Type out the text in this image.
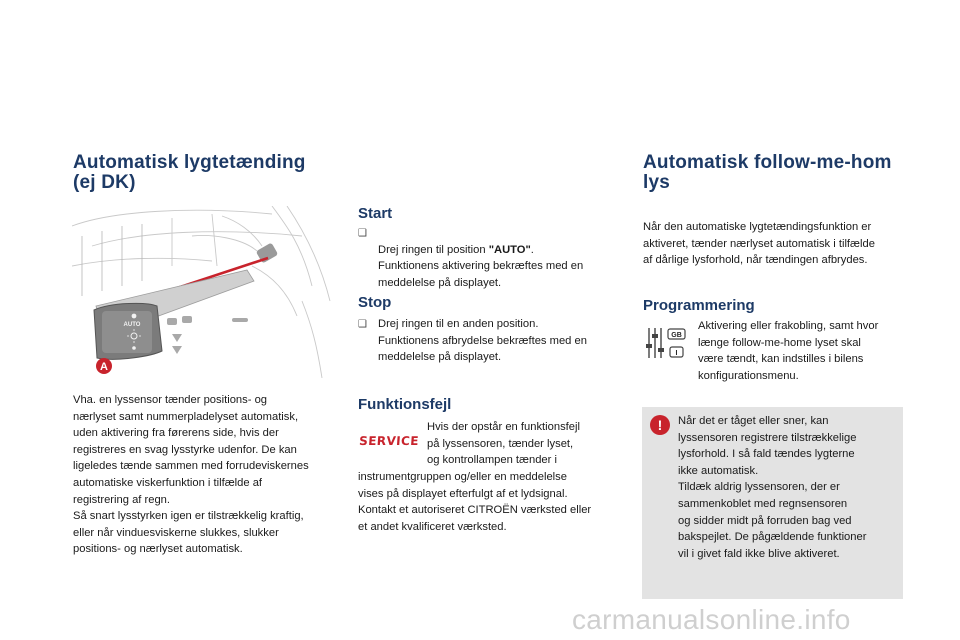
Automatisk lygtetænding
(ej DK)
AUTO
A
Vha. en lyssensor tænder positions- og
nærlyset samt nummerpladelyset automatisk,
uden aktivering fra førerens side, hvis der
registreres en svag lysstyrke udenfor. De kan
ligeledes tænde sammen med forrudeviskernes
automatiske viskerfunktion i tilfælde af
registrering af regn.
Så snart lysstyrken igen er tilstrækkelig kraftig,
eller når vinduesviskerne slukkes, slukker
positions- og nærlyset automatisk.
Start
❑

Drej ringen til position "AUTO".

Funktionens aktivering bekræftes med en
meddelelse på displayet.

Stop
❑ Drej ringen til en anden position.
Funktionens afbrydelse bekræftes med en
meddelelse på displayet.
Funktionsfejl
SERVICE
Hvis der opstår en funktionsfejl
på lyssensoren, tænder lyset,
og kontrollampen tænder i
instrumentgruppen og/eller en meddelelse
vises på displayet efterfulgt af et lydsignal.
Kontakt et autoriseret CITROËN værksted eller
et andet kvalificeret værksted.
Automatisk follow-me-hom
lys
Når den automatiske lygtetændingsfunktion er
aktiveret, tænder nærlyset automatisk i tilfælde
af dårlige lysforhold, når tændingen afbrydes.
Programmering
GB
I
Aktivering eller frakobling, samt hvor
længe follow-me-home lyset skal
være tændt, kan indstilles i bilens
konfigurationsmenu.
!	Når det er tåget eller sner, kan
lyssensoren registrere tilstrækkelige
lysforhold. I så fald tændes lygterne
ikke automatisk.
Tildæk aldrig lyssensoren, der er
sammenkoblet med regnsensoren
og sidder midt på forruden bag ved
bakspejlet. De pågældende funktioner
vil i givet fald ikke blive aktiveret.
carmanualsonline.info
